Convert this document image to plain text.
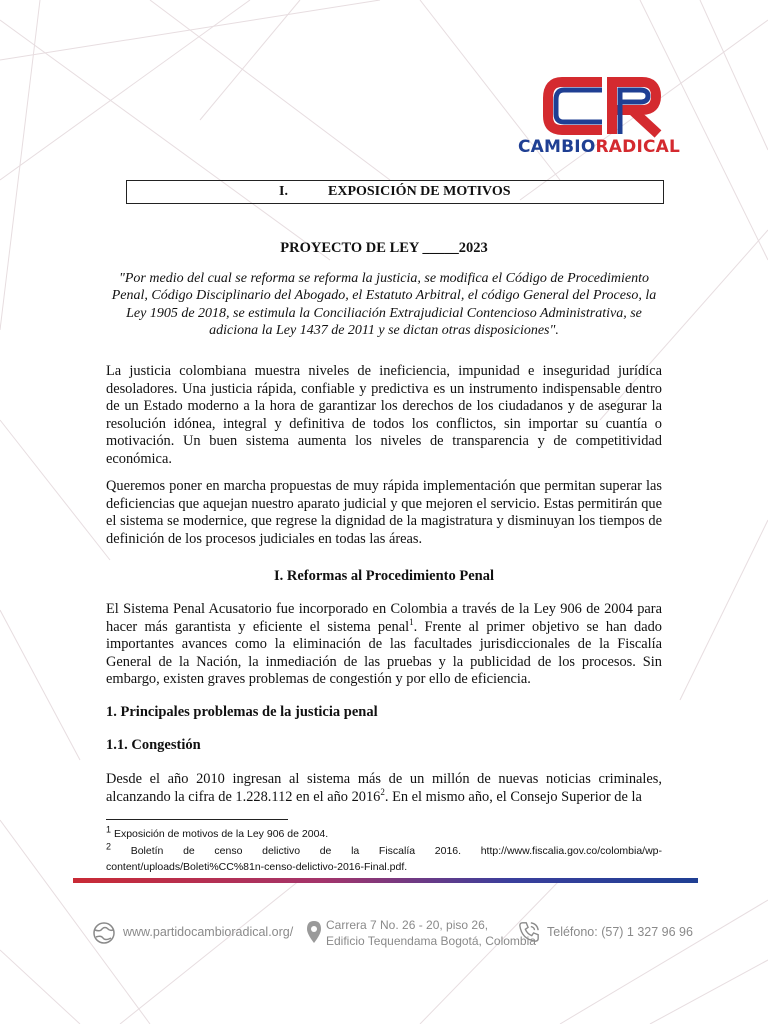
CAMBIORADICAL
I.	EXPOSICIÓN DE MOTIVOS
PROYECTO DE LEY _____2023
"Por medio del cual se reforma se reforma la justicia, se modifica el Código de Procedimiento Penal, Código Disciplinario del Abogado, el Estatuto Arbitral, el código General del Proceso, la Ley 1905 de 2018, se estimula la Conciliación Extrajudicial Contencioso Administrativa, se adiciona la Ley 1437 de 2011 y se dictan otras disposiciones".
La justicia colombiana muestra niveles de ineficiencia, impunidad e inseguridad jurídica desoladores. Una justicia rápida, confiable y predictiva es un instrumento indispensable dentro de un Estado moderno a la hora de garantizar los derechos de los ciudadanos y de asegurar la resolución idónea, integral y definitiva de todos los conflictos, sin importar su cuantía o motivación. Un buen sistema aumenta los niveles de transparencia y de competitividad económica.
Queremos poner en marcha propuestas de muy rápida implementación que permitan superar las deficiencias que aquejan nuestro aparato judicial y que mejoren el servicio. Estas permitirán que el sistema se modernice, que regrese la dignidad de la magistratura y disminuyan los tiempos de definición de los procesos judiciales en todas las áreas.
I. Reformas al Procedimiento Penal
El Sistema Penal Acusatorio fue incorporado en Colombia a través de la Ley 906 de 2004 para hacer más garantista y eficiente el sistema penal$^1$. Frente al primer objetivo se han dado importantes avances como la eliminación de las facultades jurisdiccionales de la Fiscalía General de la Nación, la inmediación de las pruebas y la publicidad de los procesos. Sin embargo, existen graves problemas de congestión y por ello de eficiencia.
1. Principales problemas de la justicia penal
1.1. Congestión
Desde el año 2010 ingresan al sistema más de un millón de nuevas noticias criminales, alcanzando la cifra de 1.228.112 en el año 2016$^2$. En el mismo año, el Consejo Superior de la
$^1$ Exposición de motivos de la Ley 906 de 2004.
$^2$ Boletín de censo delictivo de la Fiscalía 2016. http://www.fiscalia.gov.co/colombia/wp-content/uploads/Boleti%CC%81n-censo-delictivo-2016-Final.pdf.
www.partidocambioradical.org/	Carrera 7 No. 26 - 20, piso 26,
Edificio Tequendama Bogotá, Colombia
Teléfono: (57) 1 327 96 96
